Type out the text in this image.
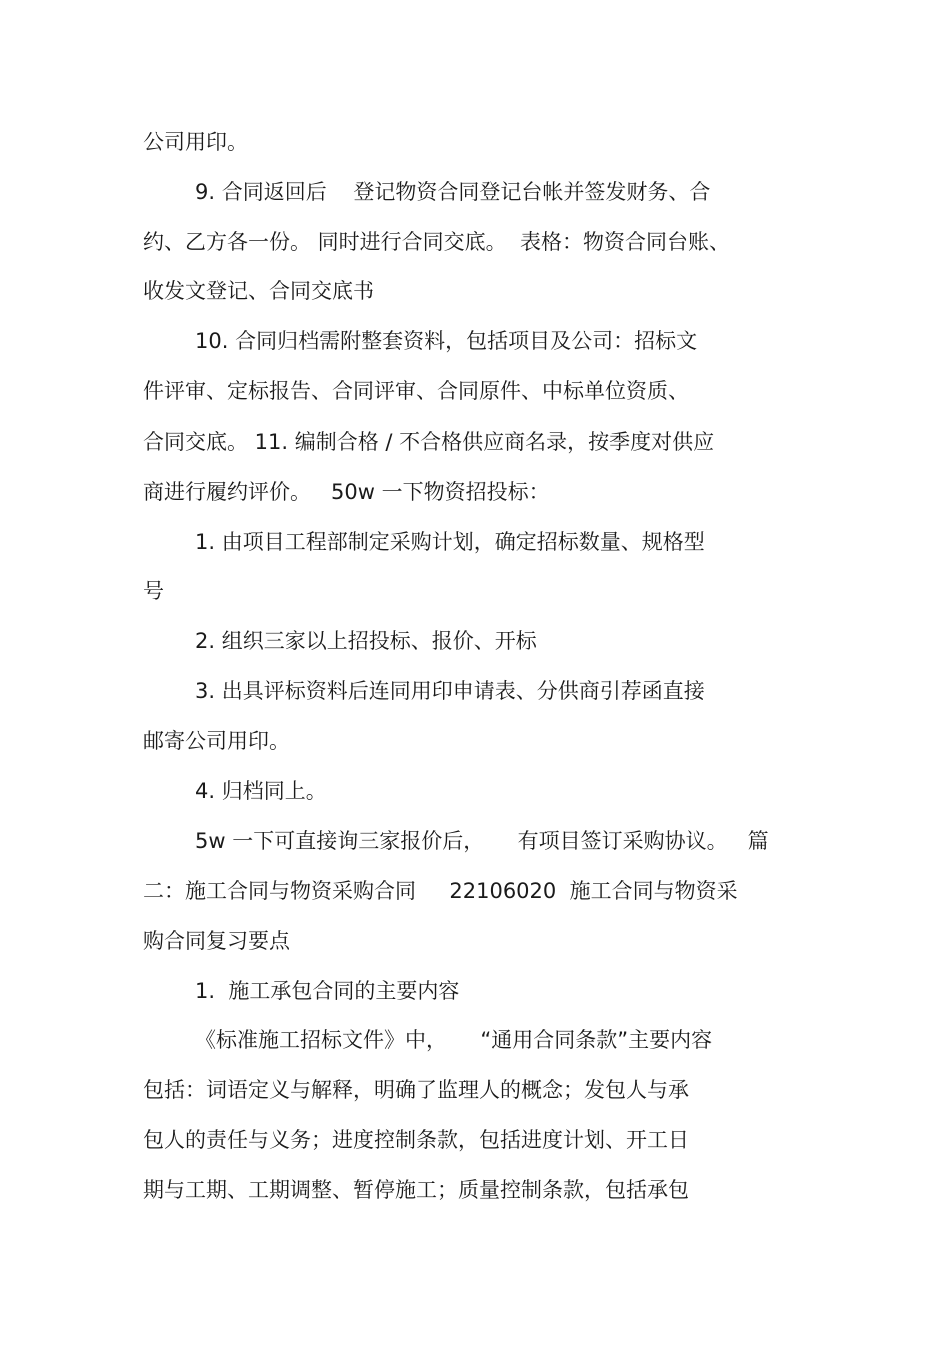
公司用印。
9. 合同返回后    登记物资合同登记台帐并签发财务、合
约、乙方各一份。 同时进行合同交底。  表格：物资合同台账、
收发文登记、合同交底书
10. 合同归档需附整套资料，包括项目及公司：招标文
件评审、定标报告、合同评审、合同原件、中标单位资质、
合同交底。 11. 编制合格 / 不合格供应商名录，按季度对供应
商进行履约评价。   50w 一下物资招投标：
1. 由项目工程部制定采购计划，确定招标数量、规格型
号
2. 组织三家以上招投标、报价、开标
3. 出具评标资料后连同用印申请表、分供商引荐函直接
邮寄公司用印。
4. 归档同上。
5w 一下可直接询三家报价后，     有项目签订采购协议。   篇
二：施工合同与物资采购合同     22106020  施工合同与物资采
购合同复习要点
1.  施工承包合同的主要内容
《标准施工招标文件》中，     “通用合同条款”主要内容
包括：词语定义与解释，明确了监理人的概念；发包人与承
包人的责任与义务；进度控制条款，包括进度计划、开工日
期与工期、工期调整、暂停施工；质量控制条款，包括承包
